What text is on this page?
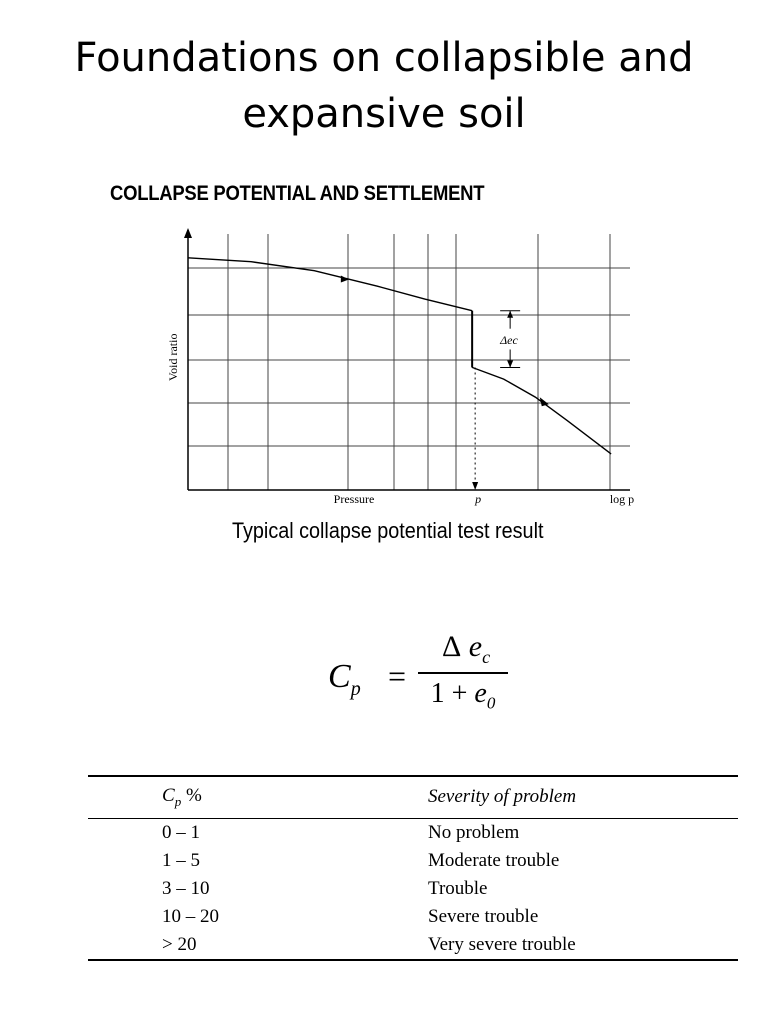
Foundations on collapsible and
expansive soil
COLLAPSE POTENTIAL AND SETTLEMENT
Δec
Void ratio
Pressure	p	log p
Typical collapse potential test result
$C_p$ =
Δ $e_c$
$1 + e_0$
$C_p$ %	Severity of problem
0 – 1	No problem
1 – 5	Moderate trouble
3 – 10	Trouble
10 – 20	Severe trouble
> 20	Very severe trouble
